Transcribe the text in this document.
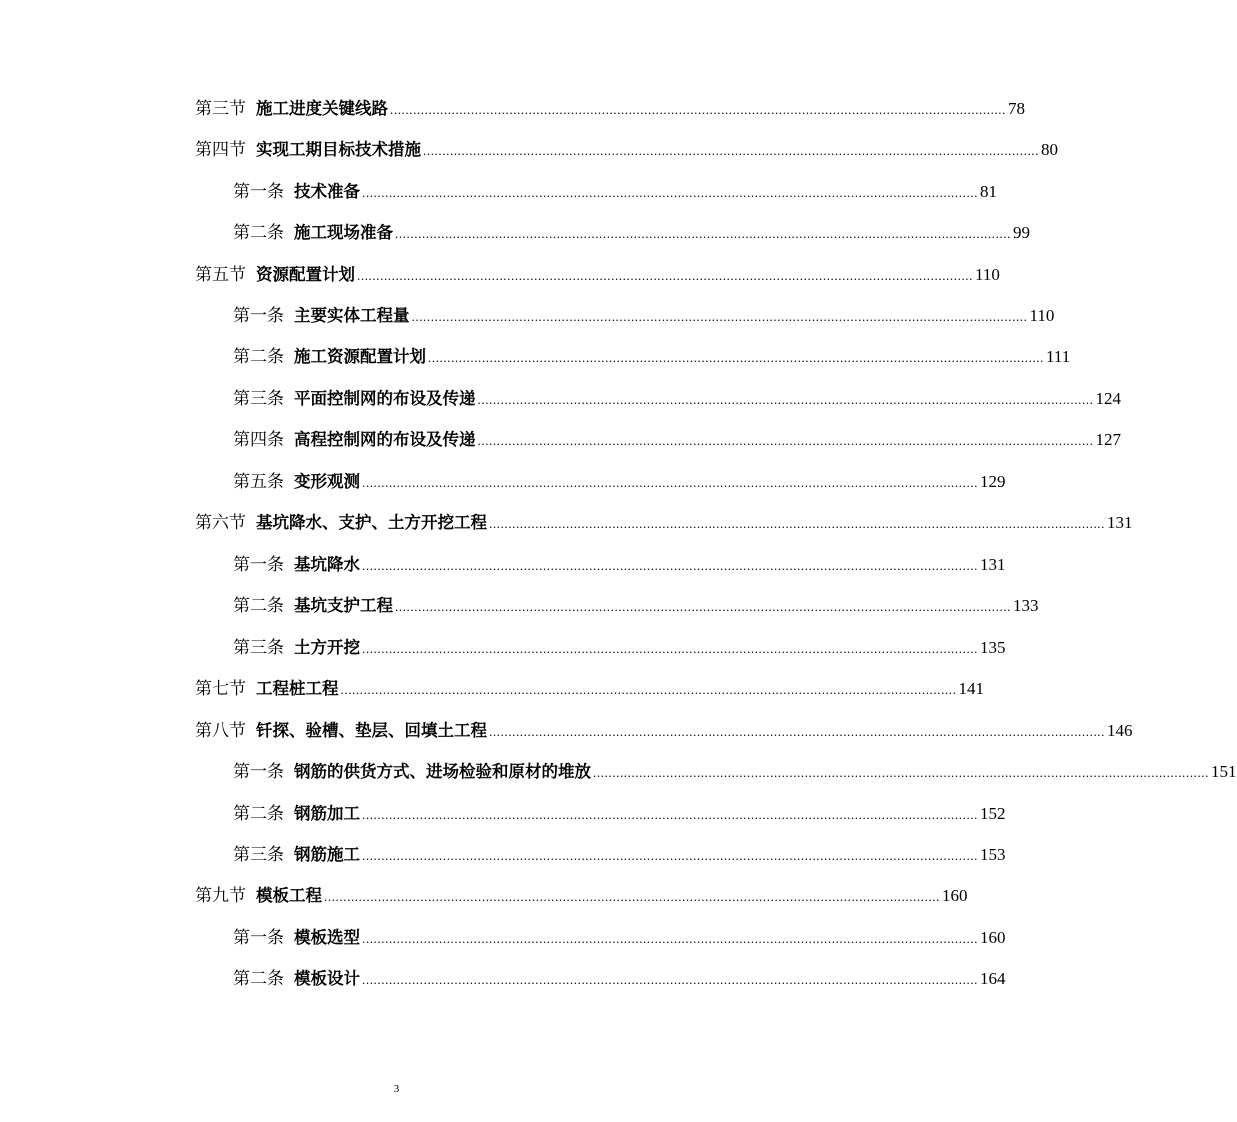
第三节 施工进度关键线路 ................................................................................................................................................................ 78
第四节 实现工期目标技术措施 ................................................................................................................................................................ 80
第一条 技术准备 ................................................................................................................................................................ 81
第二条 施工现场准备 ................................................................................................................................................................ 99
第五节 资源配置计划 ................................................................................................................................................................ 110
第一条 主要实体工程量 ................................................................................................................................................................ 110
第二条 施工资源配置计划 ................................................................................................................................................................ 111
第三条 平面控制网的布设及传递 ................................................................................................................................................................ 124
第四条 高程控制网的布设及传递 ................................................................................................................................................................ 127
第五条 变形观测 ................................................................................................................................................................ 129
第六节 基坑降水、支护、土方开挖工程 ................................................................................................................................................................ 131
第一条 基坑降水 ................................................................................................................................................................ 131
第二条 基坑支护工程 ................................................................................................................................................................ 133
第三条 土方开挖 ................................................................................................................................................................ 135
第七节 工程桩工程 ................................................................................................................................................................ 141
第八节 钎探、验槽、垫层、回填土工程 ................................................................................................................................................................ 146
第一条 钢筋的供货方式、进场检验和原材的堆放 ................................................................................................................................................................ 151
第二条 钢筋加工 ................................................................................................................................................................ 152
第三条 钢筋施工 ................................................................................................................................................................ 153
第九节 模板工程 ................................................................................................................................................................ 160
第一条 模板选型 ................................................................................................................................................................ 160
第二条 模板设计 ................................................................................................................................................................ 164
3
